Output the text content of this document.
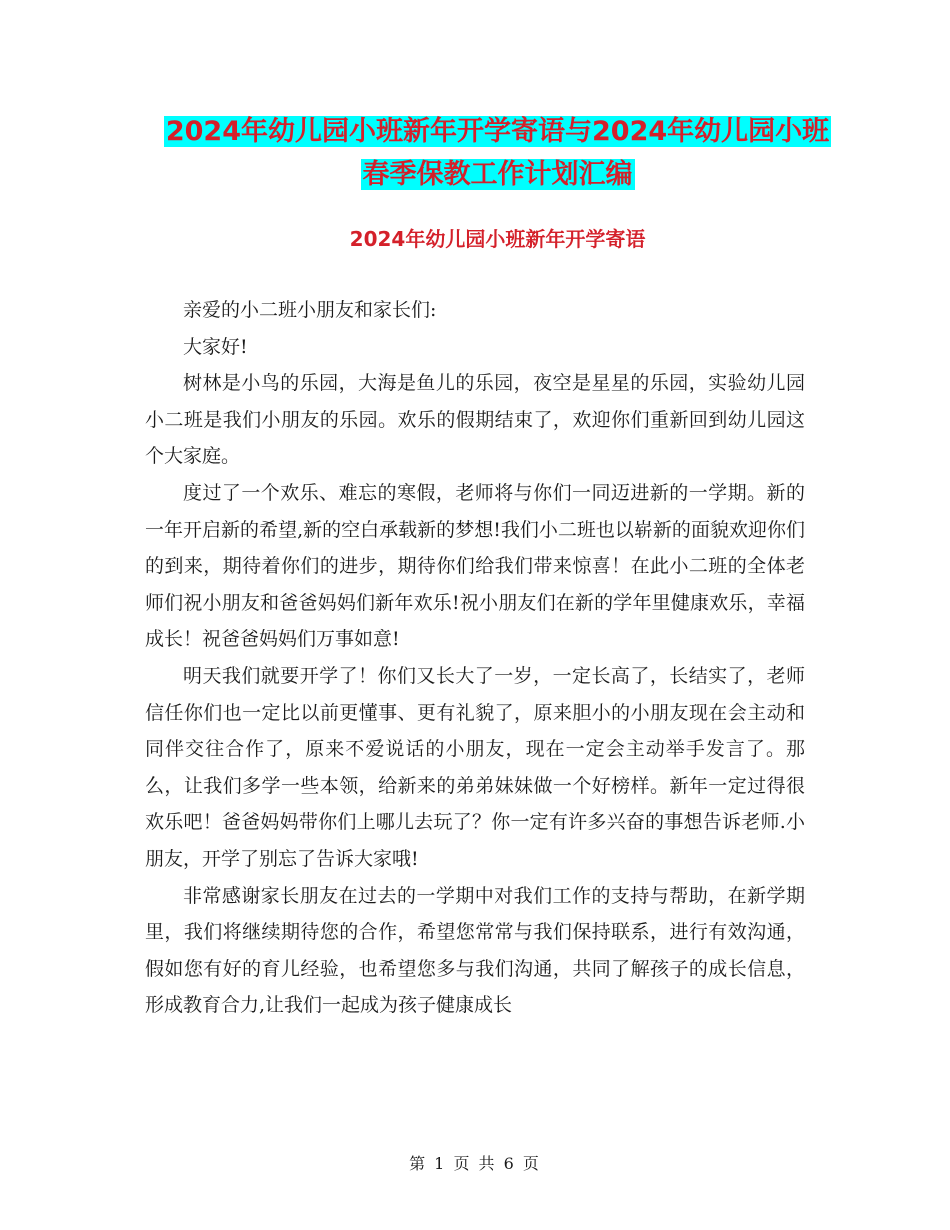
2024年幼儿园小班新年开学寄语与2024年幼儿园小班
春季保教工作计划汇编
2024年幼儿园小班新年开学寄语

亲爱的小二班小朋友和家长们:

大家好!

树林是小鸟的乐园，大海是鱼儿的乐园，夜空是星星的乐园，实验幼儿园小二班是我们小朋友的乐园。欢乐的假期结束了，欢迎你们重新回到幼儿园这个大家庭。

度过了一个欢乐、难忘的寒假，老师将与你们一同迈进新的一学期。新的一年开启新的希望,新的空白承载新的梦想!我们小二班也以崭新的面貌欢迎你们的到来，期待着你们的进步，期待你们给我们带来惊喜！在此小二班的全体老师们祝小朋友和爸爸妈妈们新年欢乐!祝小朋友们在新的学年里健康欢乐，幸福成长！祝爸爸妈妈们万事如意!

明天我们就要开学了！你们又长大了一岁，一定长高了，长结实了，老师信任你们也一定比以前更懂事、更有礼貌了，原来胆小的小朋友现在会主动和同伴交往合作了，原来不爱说话的小朋友，现在一定会主动举手发言了。那么，让我们多学一些本领，给新来的弟弟妹妹做一个好榜样。新年一定过得很欢乐吧！爸爸妈妈带你们上哪儿去玩了？你一定有许多兴奋的事想告诉老师.小朋友，开学了别忘了告诉大家哦!

非常感谢家长朋友在过去的一学期中对我们工作的支持与帮助，在新学期里，我们将继续期待您的合作，希望您常常与我们保持联系，进行有效沟通，假如您有好的育儿经验，也希望您多与我们沟通，共同了解孩子的成长信息，形成教育合力,让我们一起成为孩子健康成长

第 1 页 共 6 页
